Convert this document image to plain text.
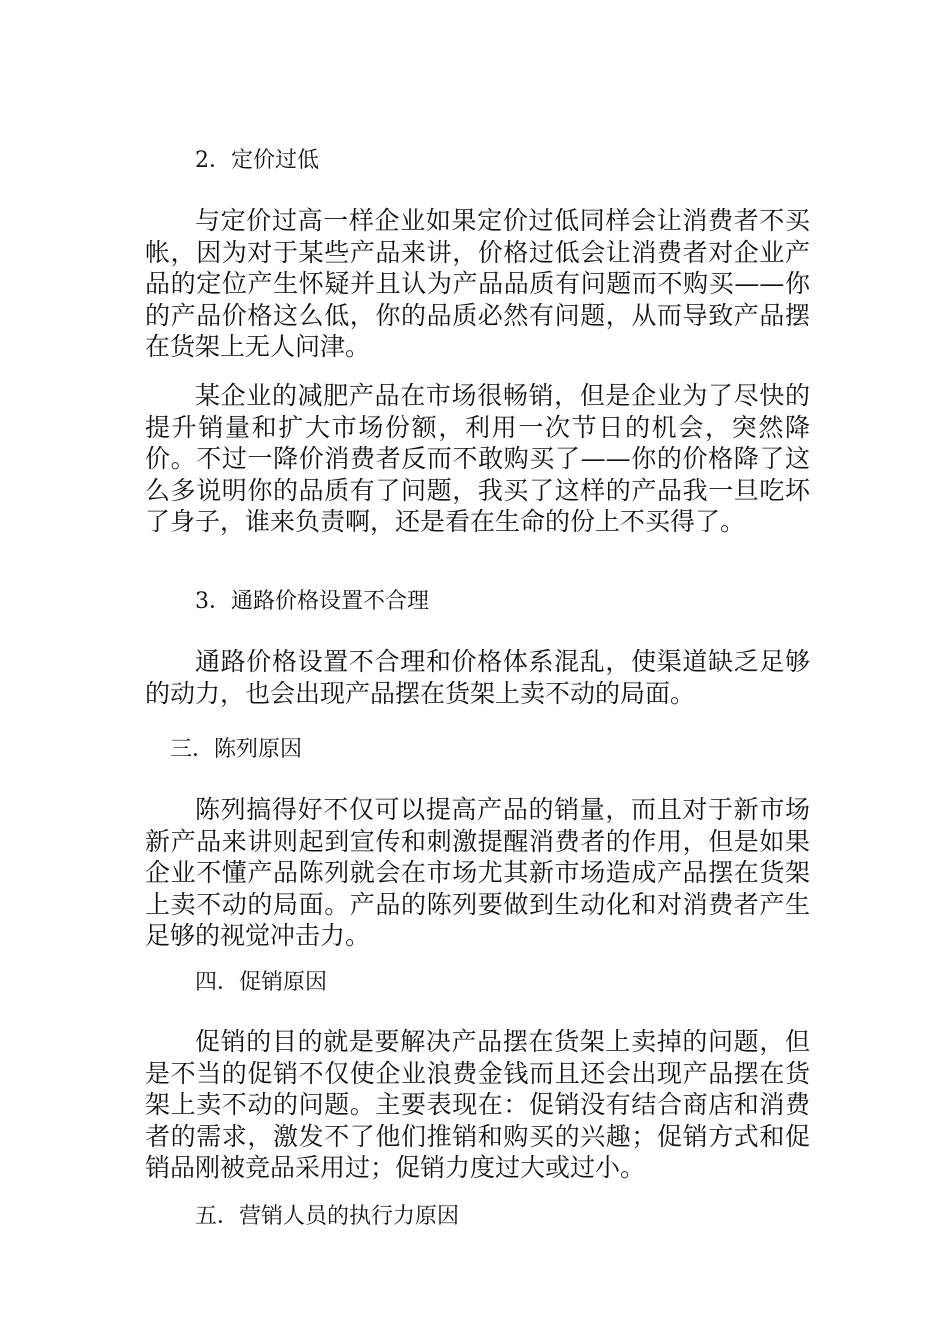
2．定价过低

与定价过高一样企业如果定价过低同样会让消费者不买帐，因为对于某些产品来讲，价格过低会让消费者对企业产品的定位产生怀疑并且认为产品品质有问题而不购买——你的产品价格这么低，你的品质必然有问题，从而导致产品摆在货架上无人问津。

某企业的减肥产品在市场很畅销，但是企业为了尽快的提升销量和扩大市场份额，利用一次节日的机会，突然降价。不过一降价消费者反而不敢购买了——你的价格降了这么多说明你的品质有了问题，我买了这样的产品我一旦吃坏了身子，谁来负责啊，还是看在生命的份上不买得了。

3．通路价格设置不合理

通路价格设置不合理和价格体系混乱，使渠道缺乏足够的动力，也会出现产品摆在货架上卖不动的局面。

三．陈列原因

陈列搞得好不仅可以提高产品的销量，而且对于新市场新产品来讲则起到宣传和刺激提醒消费者的作用，但是如果企业不懂产品陈列就会在市场尤其新市场造成产品摆在货架上卖不动的局面。产品的陈列要做到生动化和对消费者产生足够的视觉冲击力。

四．促销原因

促销的目的就是要解决产品摆在货架上卖掉的问题，但是不当的促销不仅使企业浪费金钱而且还会出现产品摆在货架上卖不动的问题。主要表现在：促销没有结合商店和消费者的需求，激发不了他们推销和购买的兴趣；促销方式和促销品刚被竞品采用过；促销力度过大或过小。

五．营销人员的执行力原因
